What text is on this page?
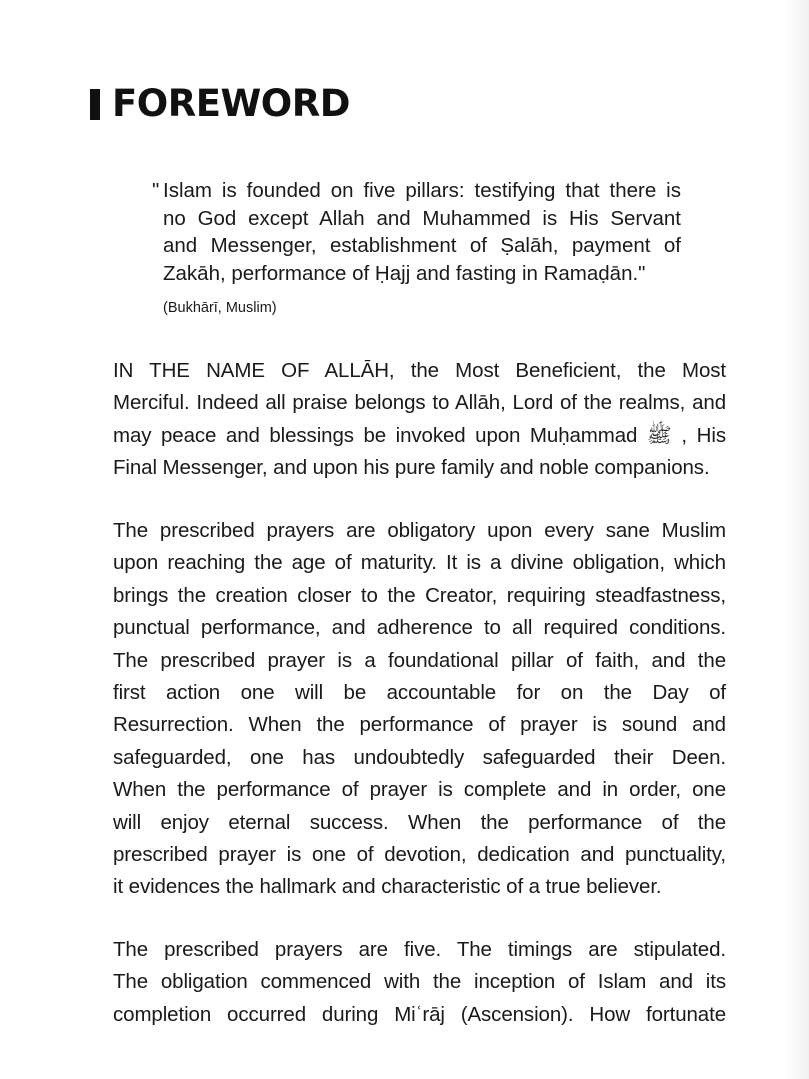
FOREWORD
" Islam is founded on five pillars: testifying that there is
no God except Allah and Muhammed is His Servant
and Messenger, establishment of Ṣalāh, payment of
Zakāh, performance of Ḥajj and fasting in Ramaḍān."
(Bukhārī, Muslim)
IN THE NAME OF ALLĀH, the Most Beneficient, the Most
Merciful. Indeed all praise belongs to Allāh, Lord of the realms, and
may peace and blessings be invoked upon Muḥammad ﷺ , His
Final Messenger, and upon his pure family and noble companions.
The prescribed prayers are obligatory upon every sane Muslim
upon reaching the age of maturity. It is a divine obligation, which
brings the creation closer to the Creator, requiring steadfastness,
punctual performance, and adherence to all required conditions.
The prescribed prayer is a foundational pillar of faith, and the
first action one will be accountable for on the Day of
Resurrection. When the performance of prayer is sound and
safeguarded, one has undoubtedly safeguarded their Deen.
When the performance of prayer is complete and in order, one
will enjoy eternal success. When the performance of the
prescribed prayer is one of devotion, dedication and punctuality,
it evidences the hallmark and characteristic of a true believer.
The prescribed prayers are five. The timings are stipulated.
The obligation commenced with the inception of Islam and its
completion occurred during Miʿrāj (Ascension). How fortunate
